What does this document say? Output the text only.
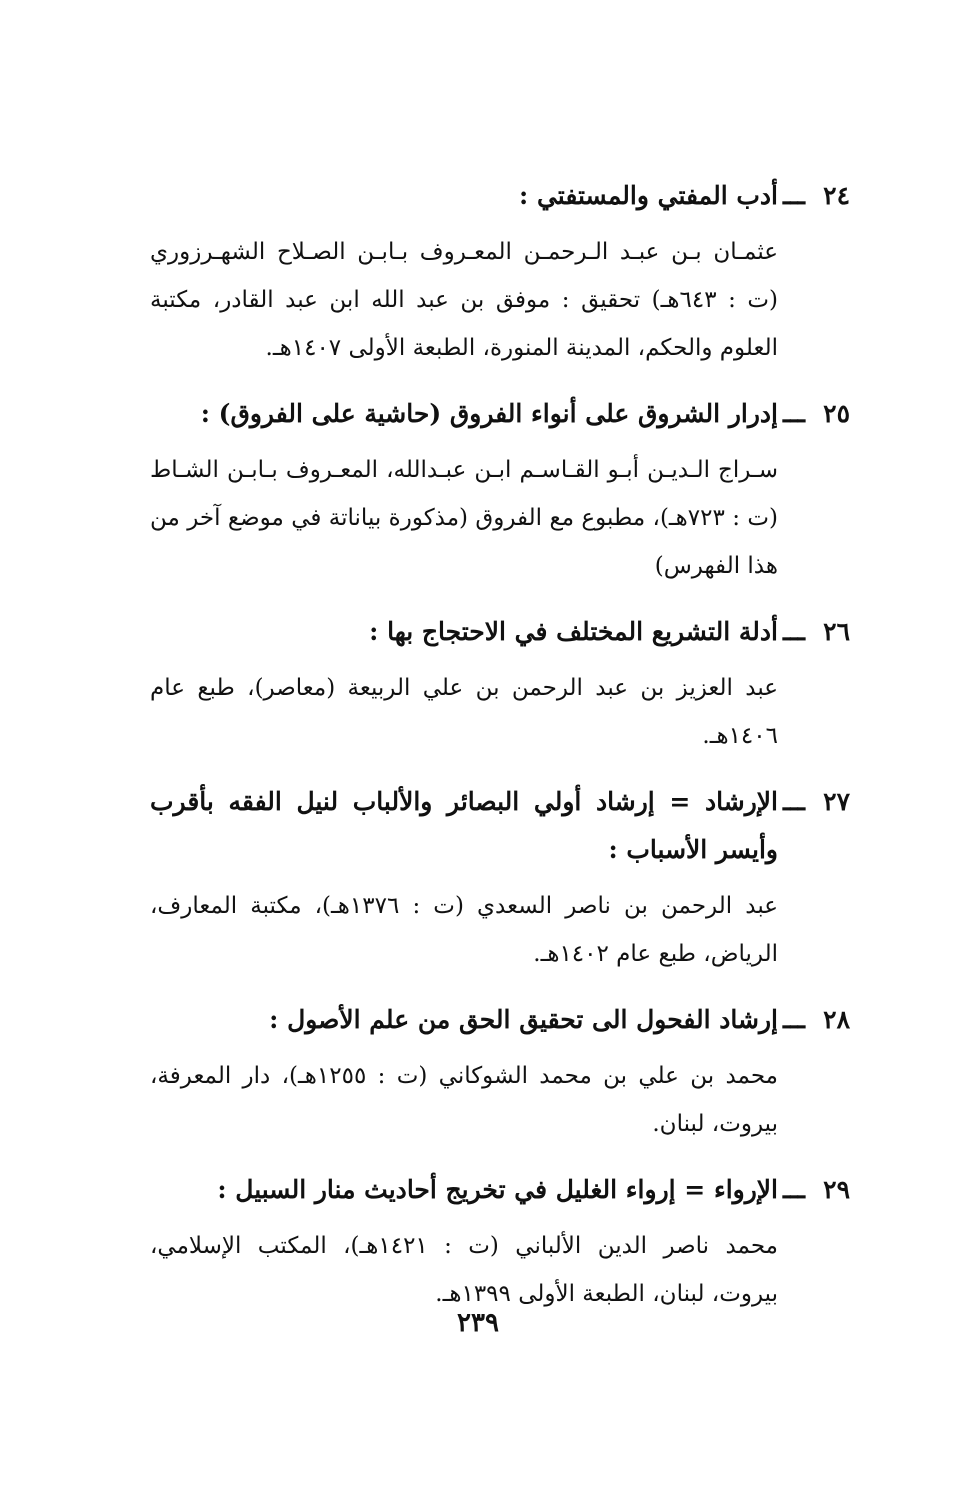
٢٤
ـــ
أدب المفتي والمستفتي :
عثمـان بـن عبـد الـرحمـن المعـروف بـابـن الصـلاح الشهـرزوري (ت : ٦٤٣هـ) تحقيق : موفق بن عبد الله ابن عبد القادر، مكتبة العلوم والحكم، المدينة المنورة، الطبعة الأولى ١٤٠٧هـ.
٢٥
ـــ
إدرار الشروق على أنواء الفروق (حاشية على الفروق) :
سـراج الـديـن أبـو القـاسـم ابـن عبـدالله، المعـروف بـابـن الشـاط (ت : ٧٢٣هـ)، مطبوع مع الفروق (مذكورة بياناتة في موضع آخر من هذا الفهرس)
٢٦
ـــ
أدلة التشريع المختلف في الاحتجاج بها :
عبد العزيز بن عبد الرحمن بن علي الربيعة (معاصر)، طبع عام ١٤٠٦هـ.
٢٧
ـــ
الإرشاد = إرشاد أولي البصائر والألباب لنيل الفقه بأقرب وأيسر الأسباب :
عبد الرحمن بن ناصر السعدي (ت : ١٣٧٦هـ)، مكتبة المعارف، الرياض، طبع عام ١٤٠٢هـ.
٢٨
ـــ
إرشاد الفحول الى تحقيق الحق من علم الأصول :
محمد بن علي بن محمد الشوكاني (ت : ١٢٥٥هـ)، دار المعرفة، بيروت، لبنان.
٢٩
ـــ
الإرواء = إرواء الغليل في تخريج أحاديث منار السبيل :
محمد ناصر الدين الألباني (ت : ١٤٢١هـ)، المكتب الإسلامي، بيروت، لبنان، الطبعة الأولى ١٣٩٩هـ.
٢٣٩
